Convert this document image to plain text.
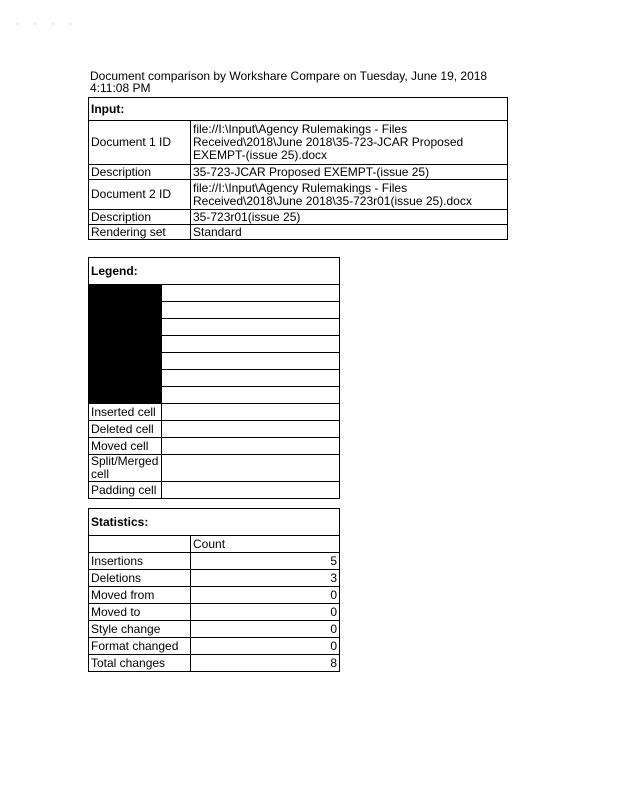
· · · ·
Document comparison by Workshare Compare on Tuesday, June 19, 2018 4:11:08 PM
Input:	
Document 1 ID	file://I:\Input\Agency Rulemakings - Files Received\2018\June 2018\35-723-JCAR Proposed EXEMPT-(issue 25).docx
Description	35-723-JCAR Proposed EXEMPT-(issue 25)
Document 2 ID	file://I:\Input\Agency Rulemakings - Files Received\2018\June 2018\35-723r01(issue 25).docx
Description	35-723r01(issue 25)
Rendering set	Standard
Legend:	

Inserted cell	
Deleted cell	
Moved cell	
Split/Merged cell	
Padding cell	
Statistics:	
	Count
Insertions	5
Deletions	3
Moved from	0
Moved to	0
Style change	0
Format changed	0
Total changes	8
